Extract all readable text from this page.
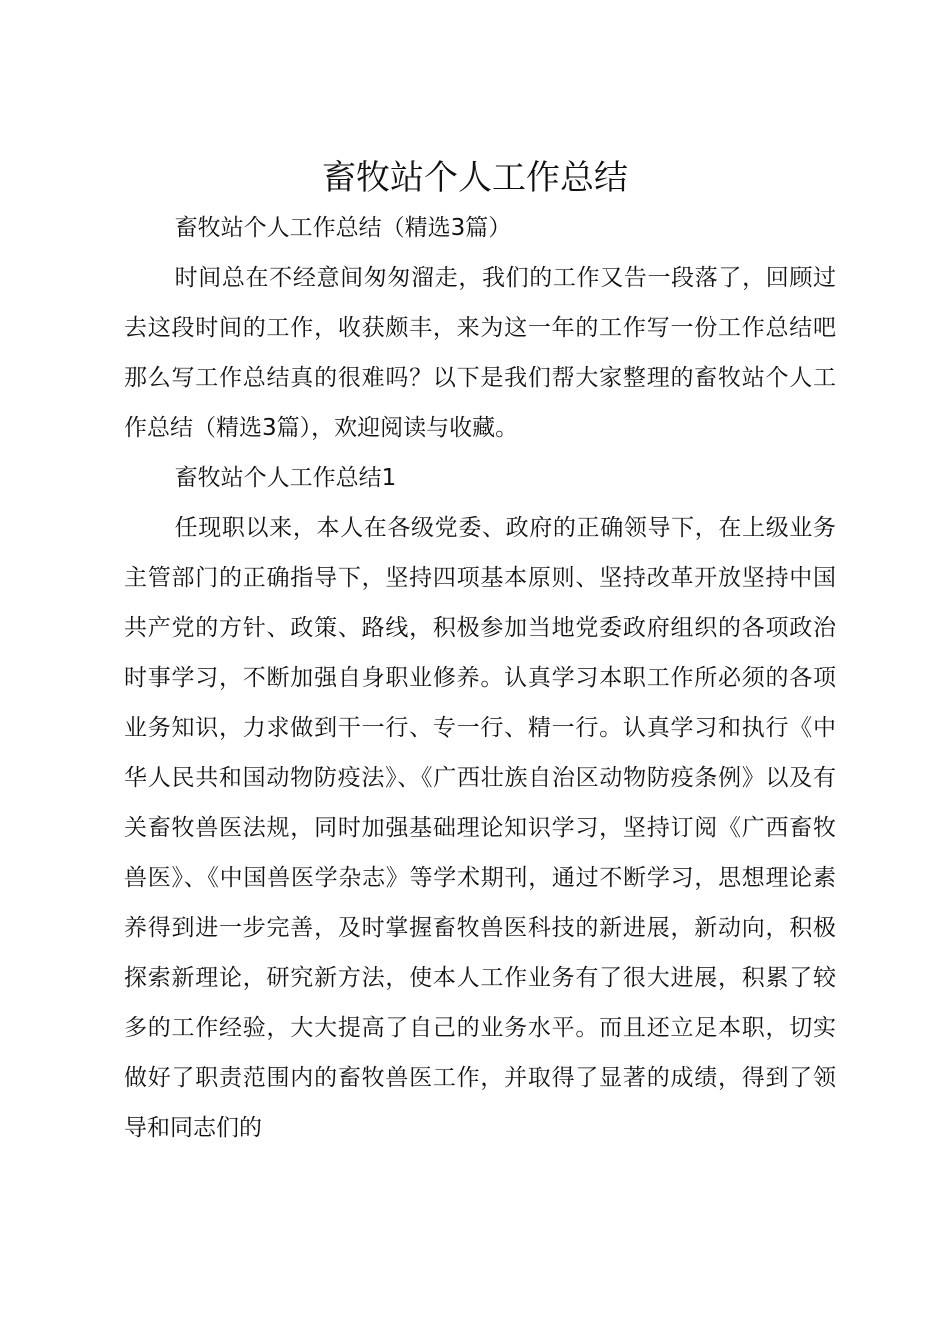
畜牧站个人工作总结

畜牧站个人工作总结（精选3篇）

时间总在不经意间匆匆溜走，我们的工作又告一段落了，回顾过去这段时间的工作，收获颇丰，来为这一年的工作写一份工作总结吧那么写工作总结真的很难吗？以下是我们帮大家整理的畜牧站个人工作总结（精选3篇），欢迎阅读与收藏。

畜牧站个人工作总结1

任现职以来，本人在各级党委、政府的正确领导下，在上级业务主管部门的正确指导下，坚持四项基本原则、坚持改革开放坚持中国共产党的方针、政策、路线，积极参加当地党委政府组织的各项政治时事学习，不断加强自身职业修养。认真学习本职工作所必须的各项业务知识，力求做到干一行、专一行、精一行。认真学习和执行《中华人民共和国动物防疫法》、《广西壮族自治区动物防疫条例》以及有关畜牧兽医法规，同时加强基础理论知识学习，坚持订阅《广西畜牧兽医》、《中国兽医学杂志》等学术期刊，通过不断学习，思想理论素养得到进一步完善，及时掌握畜牧兽医科技的新进展，新动向，积极探索新理论，研究新方法，使本人工作业务有了很大进展，积累了较多的工作经验，大大提高了自己的业务水平。而且还立足本职，切实做好了职责范围内的畜牧兽医工作，并取得了显著的成绩，得到了领导和同志们的
